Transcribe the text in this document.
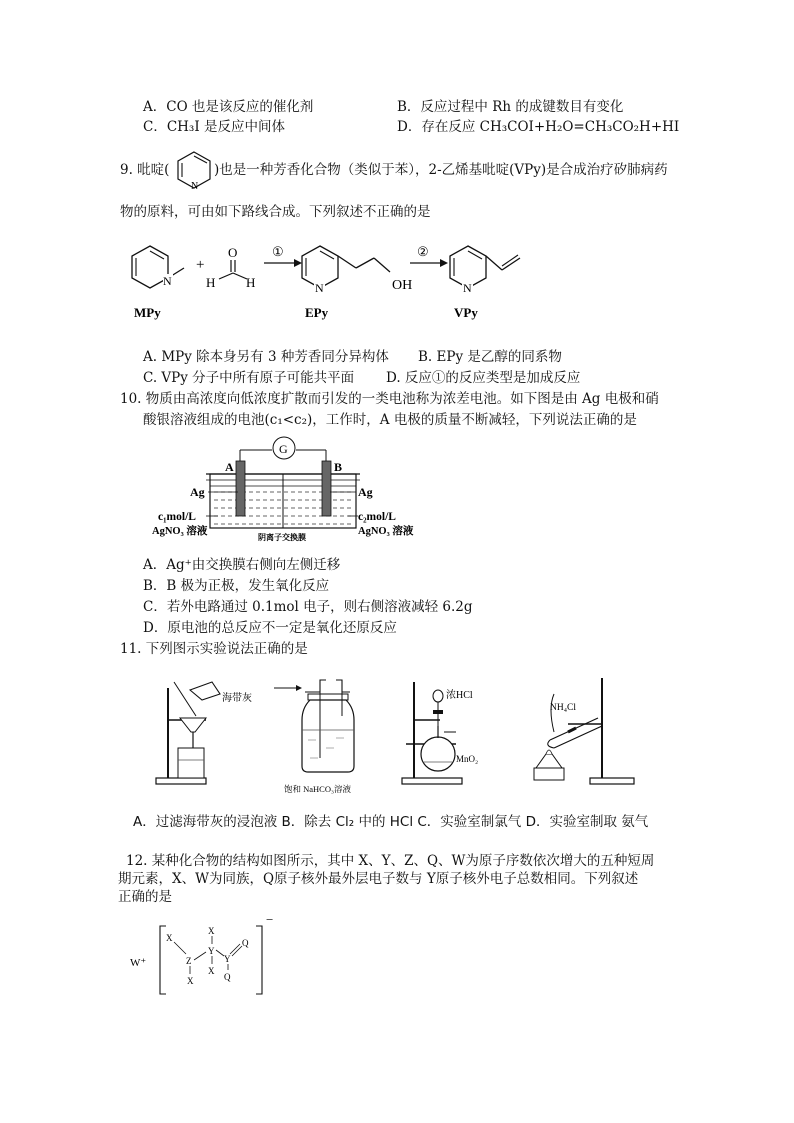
A．CO 也是该反应的催化剂	B．反应过程中 Rh 的成键数目有变化
C．CH₃I 是反应中间体	D．存在反应 CH₃COI+H₂O=CH₃CO₂H+HI
9. 吡啶(
N
)也是一种芳香化合物（类似于苯），2-乙烯基吡啶(VPy)是合成治疗矽肺病药
物的原料，可由如下路线合成。下列叙述不正确的是
N
+
O
H H
①
N	OH
②
N
MPy	EPy	VPy
A. MPy 除本身另有 3 种芳香同分异构体 B. EPy 是乙醇的同系物
C. VPy 分子中所有原子可能共平面 D. 反应①的反应类型是加成反应
10. 物质由高浓度向低浓度扩散而引发的一类电池称为浓差电池。如下图是由 Ag 电极和硝
酸银溶液组成的电池(c₁<c₂)，工作时，A 电极的质量不断减轻，下列说法正确的是
G
A	B
Ag	Ag
c₁mol/L
AgNO₃ 溶液
c₂mol/L
AgNO₃ 溶液
阴离子交换膜
A．Ag⁺由交换膜右侧向左侧迁移
B．B 极为正极，发生氧化反应
C．若外电路通过 0.1mol 电子，则右侧溶液减轻 6.2g
D．原电池的总反应不一定是氧化还原反应
11. 下列图示实验说法正确的是
海带灰
饱和 NaHCO₃溶液
浓HCl
MnO₂
NH₄Cl
A．过滤海带灰的浸泡液 B．除去 Cl₂ 中的 HCl C．实验室制氯气 D．实验室制取 氨气
12. 某种化合物的结构如图所示，其中 X、Y、Z、Q、W为原子序数依次增大的五种短周
期元素，X、W为同族，Q原子核外最外层电子数与 Y原子核外电子总数相同。下列叙述
正确的是
W⁺
−
X
Z
X
X
Y
X
Y
Q
Q
